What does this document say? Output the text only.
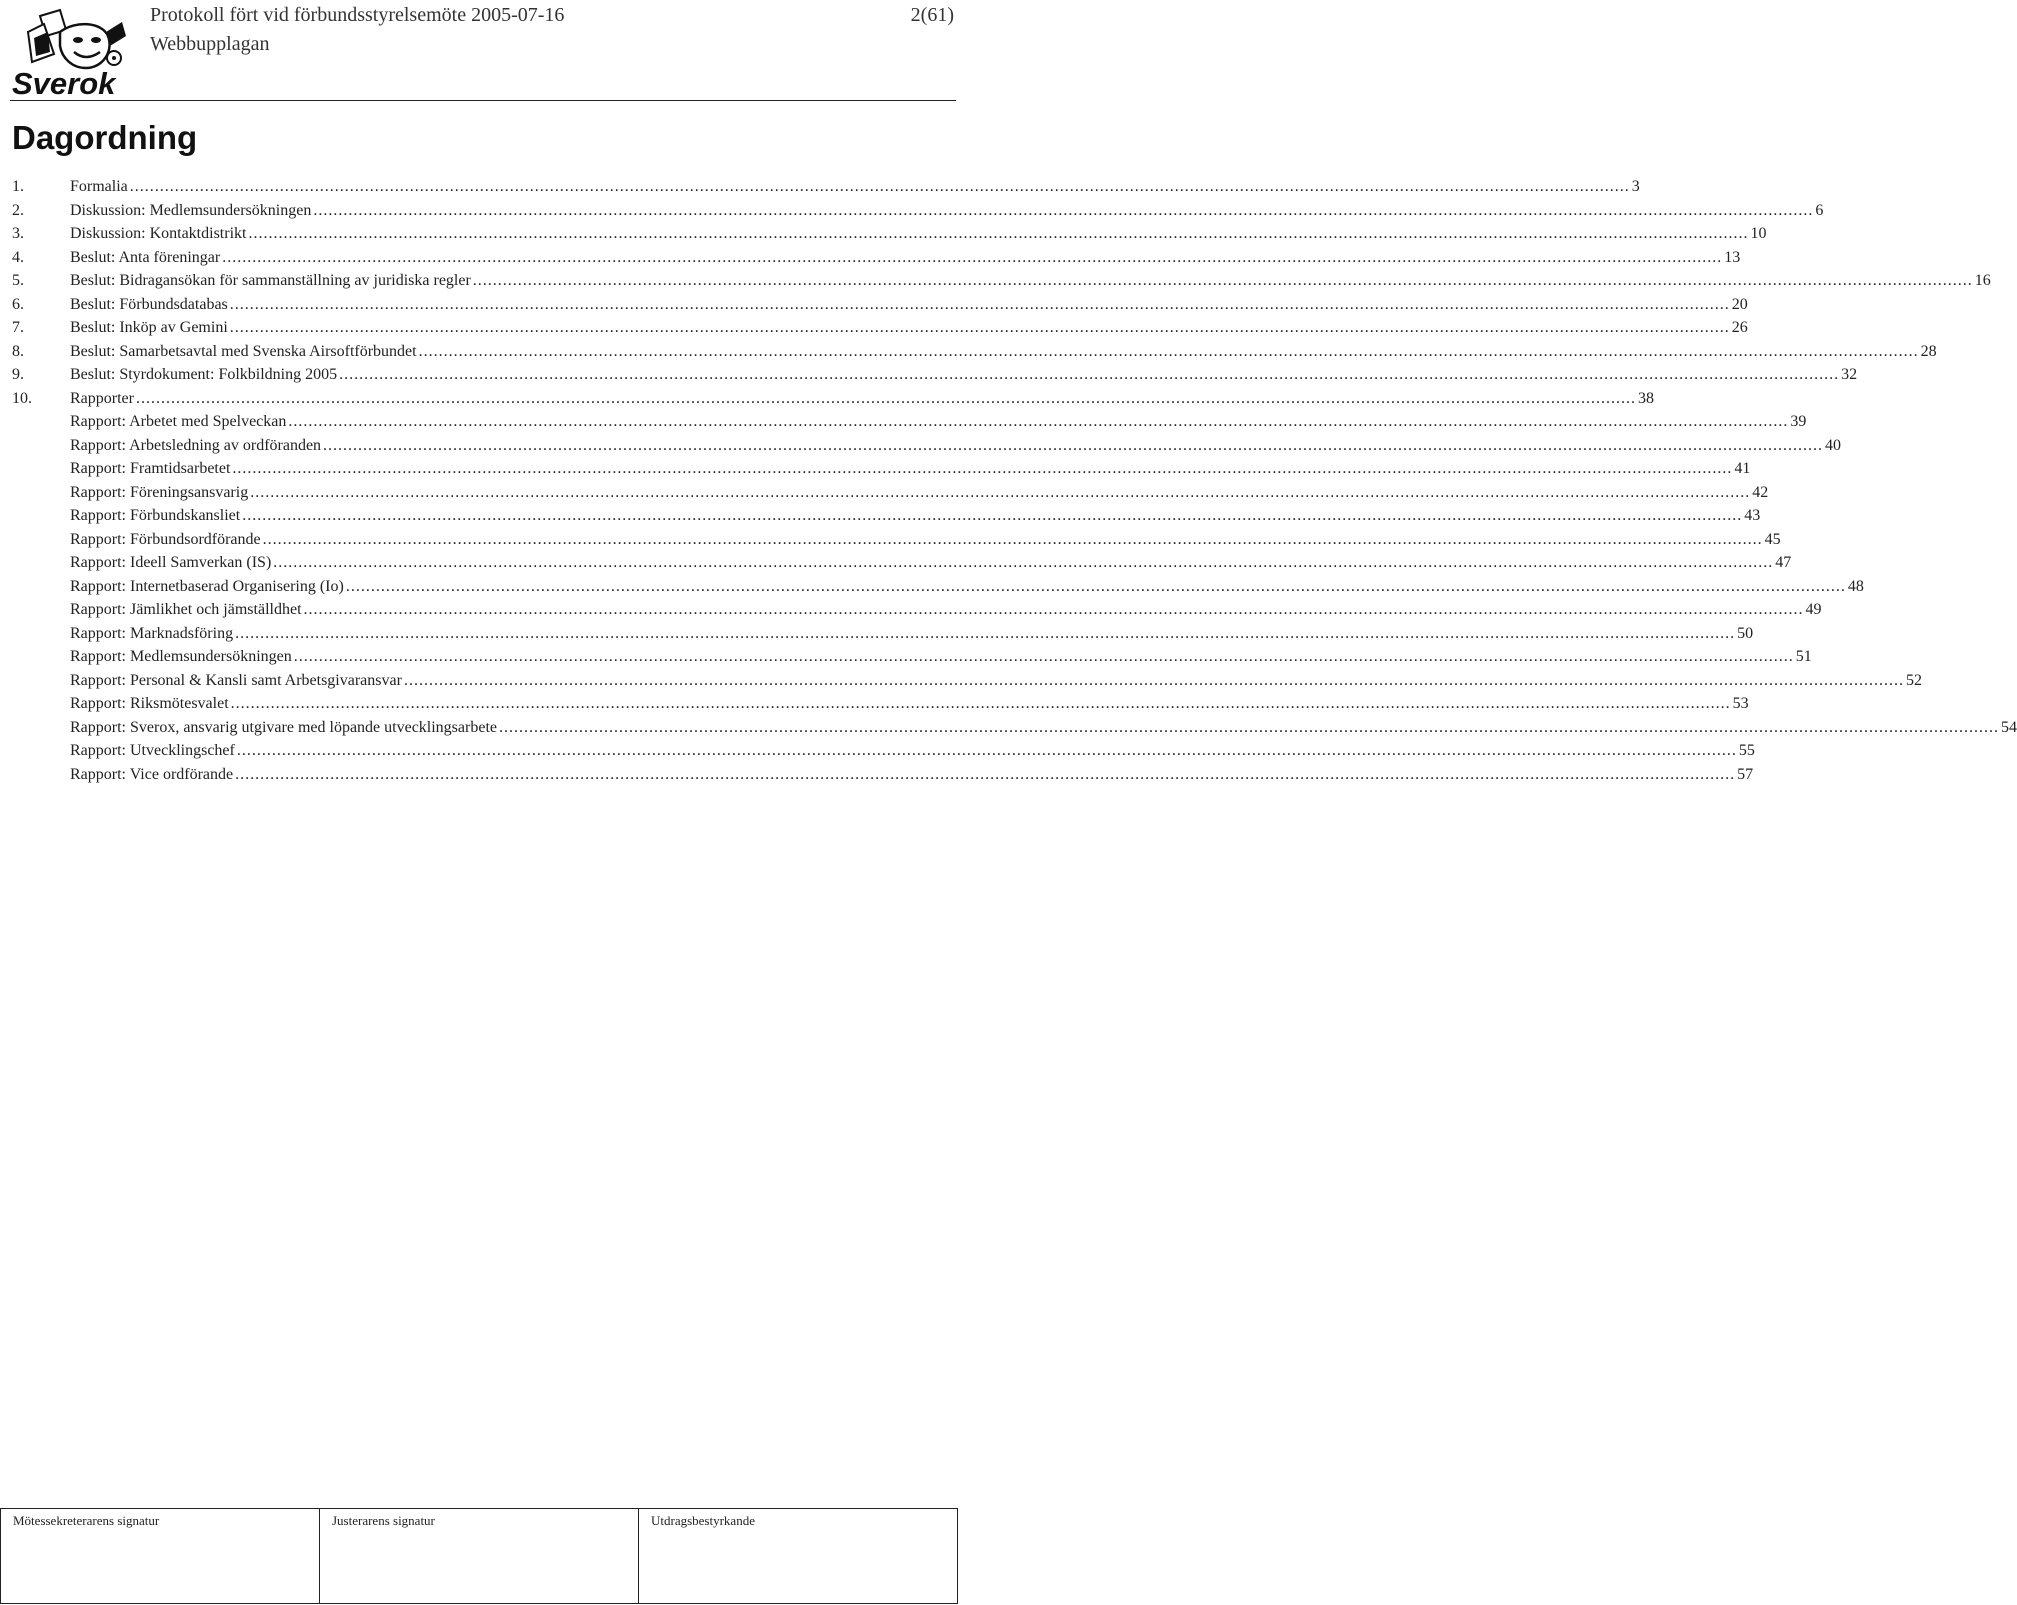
Sverok
Protokoll fört vid förbundsstyrelsemöte 2005-07-16
Webbupplagan
2(61)
Dagordning
1.	Formalia ............................................................................................................................................................................................................................................................................................................ 3
2.	Diskussion: Medlemsundersökningen ............................................................................................................................................................................................................................................................................................................ 6
3.	Diskussion: Kontaktdistrikt ............................................................................................................................................................................................................................................................................................................ 10
4.	Beslut: Anta föreningar ............................................................................................................................................................................................................................................................................................................ 13
5.	Beslut: Bidragansökan för sammanställning av juridiska regler ............................................................................................................................................................................................................................................................................................................ 16
6.	Beslut: Förbundsdatabas ............................................................................................................................................................................................................................................................................................................ 20
7.	Beslut: Inköp av Gemini ............................................................................................................................................................................................................................................................................................................ 26
8.	Beslut: Samarbetsavtal med Svenska Airsoftförbundet ............................................................................................................................................................................................................................................................................................................ 28
9.	Beslut: Styrdokument: Folkbildning 2005 ............................................................................................................................................................................................................................................................................................................ 32
10.	Rapporter ............................................................................................................................................................................................................................................................................................................ 38
Rapport: Arbetet med Spelveckan ............................................................................................................................................................................................................................................................................................................ 39
Rapport: Arbetsledning av ordföranden ............................................................................................................................................................................................................................................................................................................ 40
Rapport: Framtidsarbetet ............................................................................................................................................................................................................................................................................................................ 41
Rapport: Föreningsansvarig ............................................................................................................................................................................................................................................................................................................ 42
Rapport: Förbundskansliet ............................................................................................................................................................................................................................................................................................................ 43
Rapport: Förbundsordförande ............................................................................................................................................................................................................................................................................................................ 45
Rapport: Ideell Samverkan (IS) ............................................................................................................................................................................................................................................................................................................ 47
Rapport: Internetbaserad Organisering (Io) ............................................................................................................................................................................................................................................................................................................ 48
Rapport: Jämlikhet och jämställdhet ............................................................................................................................................................................................................................................................................................................ 49
Rapport: Marknadsföring ............................................................................................................................................................................................................................................................................................................ 50
Rapport: Medlemsundersökningen ............................................................................................................................................................................................................................................................................................................ 51
Rapport: Personal & Kansli samt Arbetsgivaransvar ............................................................................................................................................................................................................................................................................................................ 52
Rapport: Riksmötesvalet ............................................................................................................................................................................................................................................................................................................ 53
Rapport: Sverox, ansvarig utgivare med löpande utvecklingsarbete ............................................................................................................................................................................................................................................................................................................ 54
Rapport: Utvecklingschef ............................................................................................................................................................................................................................................................................................................ 55
Rapport: Vice ordförande ............................................................................................................................................................................................................................................................................................................ 57
Mötessekreterarens signatur	Justerarens signatur	Utdragsbestyrkande
